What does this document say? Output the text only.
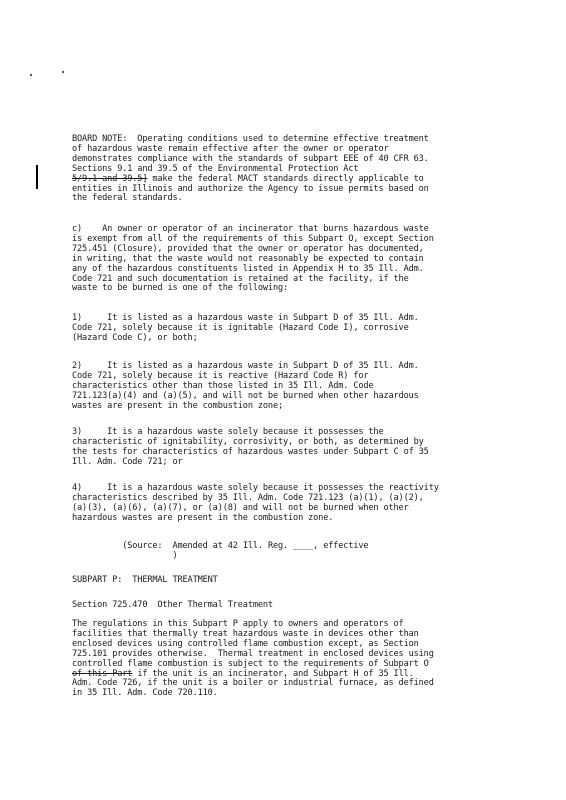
BOARD NOTE:  Operating conditions used to determine effective treatment
of hazardous waste remain effective after the owner or operator
demonstrates compliance with the standards of subpart EEE of 40 CFR 63.
Sections 9.1 and 39.5 of the Environmental Protection Act
5/9.1 and 39.5] make the federal MACT standards directly applicable to
entities in Illinois and authorize the Agency to issue permits based on
the federal standards.
c)    An owner or operator of an incinerator that burns hazardous waste
is exempt from all of the requirements of this Subpart O, except Section
725.451 (Closure), provided that the owner or operator has documented,
in writing, that the waste would not reasonably be expected to contain
any of the hazardous constituents listed in Appendix H to 35 Ill. Adm.
Code 721 and such documentation is retained at the facility, if the
waste to be burned is one of the following:
1)     It is listed as a hazardous waste in Subpart D of 35 Ill. Adm.
Code 721, solely because it is ignitable (Hazard Code I), corrosive
(Hazard Code C), or both;
2)     It is listed as a hazardous waste in Subpart D of 35 Ill. Adm.
Code 721, solely because it is reactive (Hazard Code R) for
characteristics other than those listed in 35 Ill. Adm. Code
721.123(a)(4) and (a)(5), and will not be burned when other hazardous
wastes are present in the combustion zone;
3)     It is a hazardous waste solely because it possesses the
characteristic of ignitability, corrosivity, or both, as determined by
the tests for characteristics of hazardous wastes under Subpart C of 35
Ill. Adm. Code 721; or
4)     It is a hazardous waste solely because it possesses the reactivity
characteristics described by 35 Ill. Adm. Code 721.123 (a)(1), (a)(2),
(a)(3), (a)(6), (a)(7), or (a)(8) and will not be burned when other
hazardous wastes are present in the combustion zone.
(Source:  Amended at 42 Ill. Reg. ____, effective
)
SUBPART P:  THERMAL TREATMENT
Section 725.470  Other Thermal Treatment
The regulations in this Subpart P apply to owners and operators of
facilities that thermally treat hazardous waste in devices other than
enclosed devices using controlled flame combustion except, as Section
725.101 provides otherwise.  Thermal treatment in enclosed devices using
controlled flame combustion is subject to the requirements of Subpart O
of this Part if the unit is an incinerator, and Subpart H of 35 Ill.
Adm. Code 726, if the unit is a boiler or industrial furnace, as defined
in 35 Ill. Adm. Code 720.110.
